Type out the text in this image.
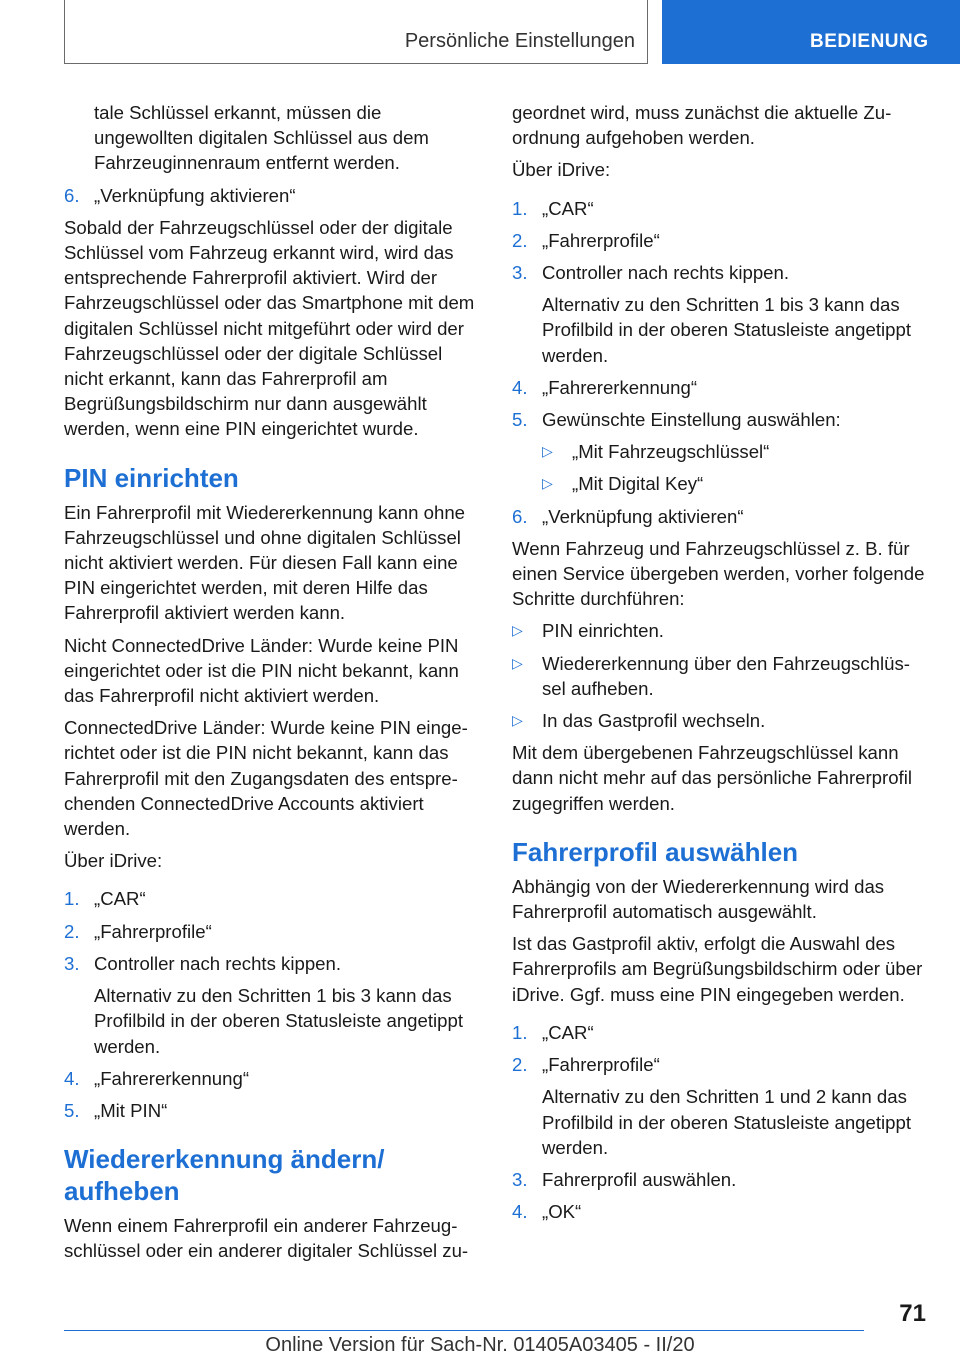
Persönliche Einstellungen	BEDIENUNG
tale Schlüssel erkannt, müssen die ungewollten digitalen Schlüssel aus dem Fahrzeuginnenraum entfernt werden.
6. „Verknüpfung aktivieren“

Sobald der Fahrzeugschlüssel oder der digitale Schlüssel vom Fahrzeug erkannt wird, wird das entsprechende Fahrerprofil aktiviert. Wird der Fahrzeugschlüssel oder das Smartphone mit dem digitalen Schlüssel nicht mitgeführt oder wird der Fahrzeugschlüssel oder der digitale Schlüssel nicht erkannt, kann das Fahrerprofil am Begrüßungsbildschirm nur dann ausgewählt werden, wenn eine PIN eingerichtet wurde.

PIN einrichten

Ein Fahrerprofil mit Wiedererkennung kann ohne Fahrzeugschlüssel und ohne digitalen Schlüssel nicht aktiviert werden. Für diesen Fall kann eine PIN eingerichtet werden, mit deren Hilfe das Fahrerprofil aktiviert werden kann.

Nicht ConnectedDrive Länder: Wurde keine PIN eingerichtet oder ist die PIN nicht bekannt, kann das Fahrerprofil nicht aktiviert werden.

ConnectedDrive Länder: Wurde keine PIN eingerichtet oder ist die PIN nicht bekannt, kann das Fahrerprofil mit den Zugangsdaten des entsprechenden ConnectedDrive Accounts aktiviert werden.

Über iDrive:

1. „CAR“
2. „Fahrerprofile“
3. Controller nach rechts kippen.
Alternativ zu den Schritten 1 bis 3 kann das Profilbild in der oberen Statusleiste angetippt werden.
4. „Fahrererkennung“
5. „Mit PIN“
Wiedererkennung ändern/ aufheben

Wenn einem Fahrerprofil ein anderer Fahrzeugschlüssel oder ein anderer digitaler Schlüssel zu-

geordnet wird, muss zunächst die aktuelle Zuordnung aufgehoben werden.

Über iDrive:

1. „CAR“
2. „Fahrerprofile“
3. Controller nach rechts kippen.
Alternativ zu den Schritten 1 bis 3 kann das Profilbild in der oberen Statusleiste angetippt werden.
4. „Fahrererkennung“
5. Gewünschte Einstellung auswählen:
▷ „Mit Fahrzeugschlüssel“
▷ „Mit Digital Key“
6. „Verknüpfung aktivieren“

Wenn Fahrzeug und Fahrzeugschlüssel z. B. für einen Service übergeben werden, vorher folgende Schritte durchführen:

▷ PIN einrichten.
▷ Wiedererkennung über den Fahrzeugschlüssel aufheben.
▷ In das Gastprofil wechseln.

Mit dem übergebenen Fahrzeugschlüssel kann dann nicht mehr auf das persönliche Fahrerprofil zugegriffen werden.

Fahrerprofil auswählen

Abhängig von der Wiedererkennung wird das Fahrerprofil automatisch ausgewählt.

Ist das Gastprofil aktiv, erfolgt die Auswahl des Fahrerprofils am Begrüßungsbildschirm oder über iDrive. Ggf. muss eine PIN eingegeben werden.

1. „CAR“
2. „Fahrerprofile“
Alternativ zu den Schritten 1 und 2 kann das Profilbild in der oberen Statusleiste angetippt werden.
3. Fahrerprofil auswählen.
4. „OK“
71
Online Version für Sach-Nr. 01405A03405 - II/20
